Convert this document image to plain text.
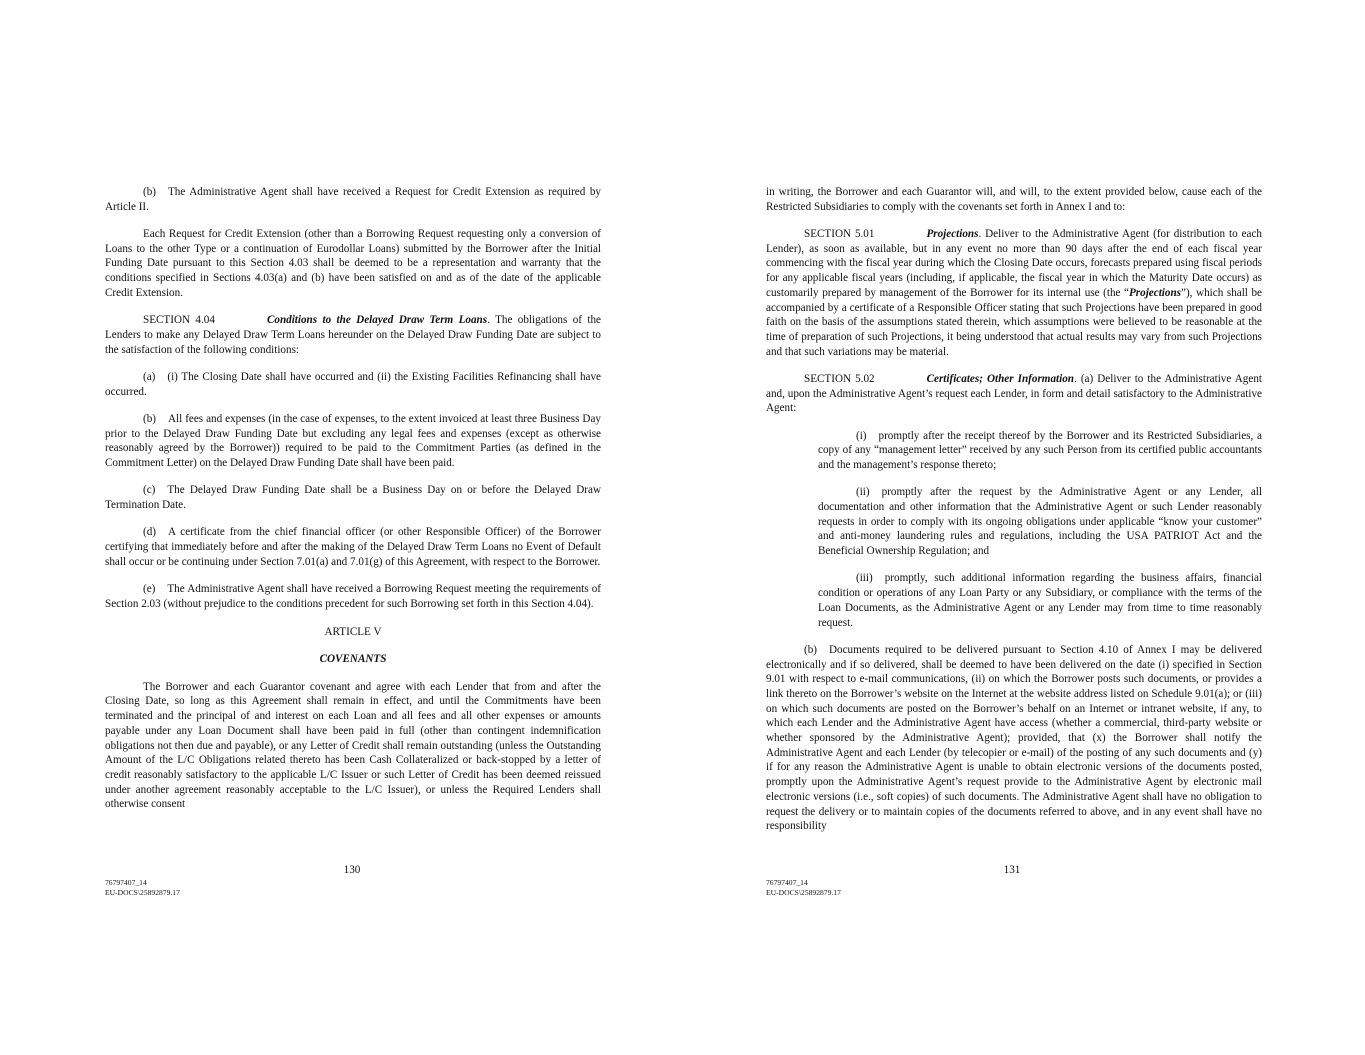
(b) The Administrative Agent shall have received a Request for Credit Extension as required by Article II.

Each Request for Credit Extension (other than a Borrowing Request requesting only a conversion of Loans to the other Type or a continuation of Eurodollar Loans) submitted by the Borrower after the Initial Funding Date pursuant to this Section 4.03 shall be deemed to be a representation and warranty that the conditions specified in Sections 4.03(a) and (b) have been satisfied on and as of the date of the applicable Credit Extension.

SECTION 4.04	Conditions to the Delayed Draw Term Loans. The obligations of the Lenders to make any Delayed Draw Term Loans hereunder on the Delayed Draw Funding Date are subject to the satisfaction of the following conditions:

(a) (i) The Closing Date shall have occurred and (ii) the Existing Facilities Refinancing shall have occurred.

(b) All fees and expenses (in the case of expenses, to the extent invoiced at least three Business Day prior to the Delayed Draw Funding Date but excluding any legal fees and expenses (except as otherwise reasonably agreed by the Borrower)) required to be paid to the Commitment Parties (as defined in the Commitment Letter) on the Delayed Draw Funding Date shall have been paid.

(c) The Delayed Draw Funding Date shall be a Business Day on or before the Delayed Draw Termination Date.

(d) A certificate from the chief financial officer (or other Responsible Officer) of the Borrower certifying that immediately before and after the making of the Delayed Draw Term Loans no Event of Default shall occur or be continuing under Section 7.01(a) and 7.01(g) of this Agreement, with respect to the Borrower.

(e) The Administrative Agent shall have received a Borrowing Request meeting the requirements of Section 2.03 (without prejudice to the conditions precedent for such Borrowing set forth in this Section 4.04).

ARTICLE V
COVENANTS

The Borrower and each Guarantor covenant and agree with each Lender that from and after the Closing Date, so long as this Agreement shall remain in effect, and until the Commitments have been terminated and the principal of and interest on each Loan and all fees and all other expenses or amounts payable under any Loan Document shall have been paid in full (other than contingent indemnification obligations not then due and payable), or any Letter of Credit shall remain outstanding (unless the Outstanding Amount of the L/C Obligations related thereto has been Cash Collateralized or back-stopped by a letter of credit reasonably satisfactory to the applicable L/C Issuer or such Letter of Credit has been deemed reissued under another agreement reasonably acceptable to the L/C Issuer), or unless the Required Lenders shall otherwise consent

130
76797407_14
EU-DOCS\25892879.17

in writing, the Borrower and each Guarantor will, and will, to the extent provided below, cause each of the Restricted Subsidiaries to comply with the covenants set forth in Annex I and to:

SECTION 5.01	Projections. Deliver to the Administrative Agent (for distribution to each Lender), as soon as available, but in any event no more than 90 days after the end of each fiscal year commencing with the fiscal year during which the Closing Date occurs, forecasts prepared using fiscal periods for any applicable fiscal years (including, if applicable, the fiscal year in which the Maturity Date occurs) as customarily prepared by management of the Borrower for its internal use (the “Projections”), which shall be accompanied by a certificate of a Responsible Officer stating that such Projections have been prepared in good faith on the basis of the assumptions stated therein, which assumptions were believed to be reasonable at the time of preparation of such Projections, it being understood that actual results may vary from such Projections and that such variations may be material.

SECTION 5.02	Certificates; Other Information. (a) Deliver to the Administrative Agent and, upon the Administrative Agent’s request each Lender, in form and detail satisfactory to the Administrative Agent:

(i) promptly after the receipt thereof by the Borrower and its Restricted Subsidiaries, a copy of any “management letter” received by any such Person from its certified public accountants and the management’s response thereto;

(ii) promptly after the request by the Administrative Agent or any Lender, all documentation and other information that the Administrative Agent or such Lender reasonably requests in order to comply with its ongoing obligations under applicable “know your customer” and anti-money laundering rules and regulations, including the USA PATRIOT Act and the Beneficial Ownership Regulation; and

(iii) promptly, such additional information regarding the business affairs, financial condition or operations of any Loan Party or any Subsidiary, or compliance with the terms of the Loan Documents, as the Administrative Agent or any Lender may from time to time reasonably request.

(b) Documents required to be delivered pursuant to Section 4.10 of Annex I may be delivered electronically and if so delivered, shall be deemed to have been delivered on the date (i) specified in Section 9.01 with respect to e-mail communications, (ii) on which the Borrower posts such documents, or provides a link thereto on the Borrower’s website on the Internet at the website address listed on Schedule 9.01(a); or (iii) on which such documents are posted on the Borrower’s behalf on an Internet or intranet website, if any, to which each Lender and the Administrative Agent have access (whether a commercial, third-party website or whether sponsored by the Administrative Agent); provided, that (x) the Borrower shall notify the Administrative Agent and each Lender (by telecopier or e-mail) of the posting of any such documents and (y) if for any reason the Administrative Agent is unable to obtain electronic versions of the documents posted, promptly upon the Administrative Agent’s request provide to the Administrative Agent by electronic mail electronic versions (i.e., soft copies) of such documents. The Administrative Agent shall have no obligation to request the delivery or to maintain copies of the documents referred to above, and in any event shall have no responsibility

131
76797407_14
EU-DOCS\25892879.17
